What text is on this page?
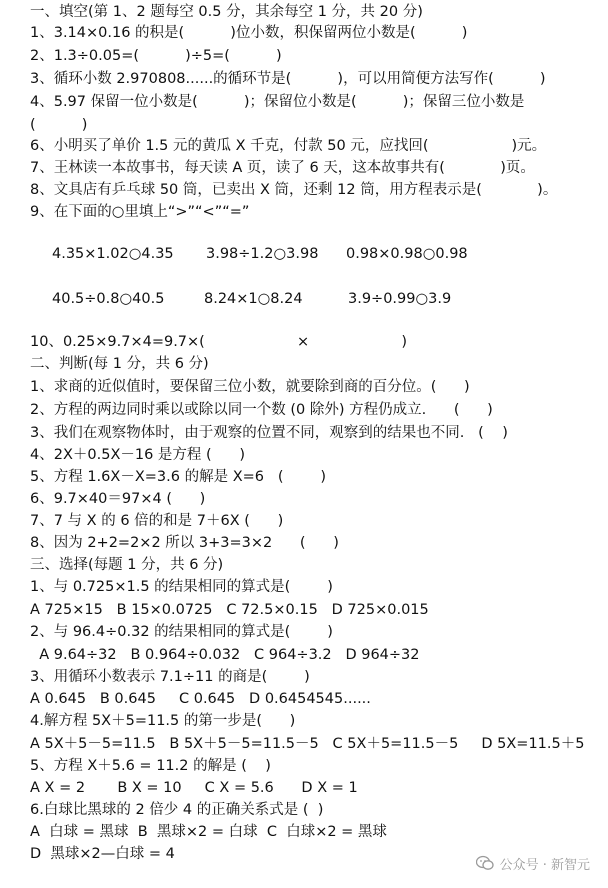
一、填空(第 1、2 题每空 0.5 分，其余每空 1 分，共 20 分)
1、3.14×0.16 的积是(          )位小数，积保留两位小数是(          )
2、1.3÷0.05=(          )÷5=(          )
3、循环小数 2.970808......的循环节是(          )，可以用简便方法写作(          )
4、5.97 保留一位小数是(          )；保留位小数是(          )；保留三位小数是
(          )
6、小明买了单价 1.5 元的黄瓜 X 千克，付款 50 元，应找回(                  )元。
7、王林读一本故事书，每天读 A 页，读了 6 天，这本故事共有(            )页。
8、文具店有乒乓球 50 筒，已卖出 X 筒，还剩 12 筒，用方程表示是(            )。
9、在下面的○里填上“>”“<”“=”
4.35×1.02○4.35 3.98÷1.2○3.98 0.98×0.98○0.98
40.5÷0.8○40.5	8.24×1○8.24	3.9÷0.99○3.9
10、0.25×9.7×4=9.7×(                    ×                    )
二、判断(每 1 分，共 6 分)
1、求商的近似值时，要保留三位小数，就要除到商的百分位。(      )
2、方程的两边同时乘以或除以同一个数 (0 除外) 方程仍成立.      (      )
3、我们在观察物体时，由于观察的位置不同，观察到的结果也不同.   (    )
4、2X＋0.5X－16 是方程 (      )
5、方程 1.6X－X=3.6 的解是 X=6   (        )
6、9.7×40＝97×4 (      )
7、7 与 X 的 6 倍的和是 7＋6X (      )
8、因为 2+2=2×2 所以 3+3=3×2      (      )
三、选择(每题 1 分，共 6 分)
1、与 0.725×1.5 的结果相同的算式是(        )
A 725×15   B 15×0.0725   C 72.5×0.15   D 725×0.015
2、与 96.4÷0.32 的结果相同的算式是(        )
A 9.64÷32   B 0.964÷0.032   C 964÷3.2   D 964÷32
3、用循环小数表示 7.1÷11 的商是(        )
A 0.645   B 0.645     C 0.645   D 0.6454545......
4.解方程 5X＋5=11.5 的第一步是(      )
A 5X＋5－5=11.5   B 5X＋5－5=11.5－5   C 5X＋5=11.5－5     D 5X=11.5＋5
5、方程 X＋5.6 = 11.2 的解是 (    )
A X = 2       B X = 10     C X = 5.6      D X = 1
6.白球比黑球的 2 倍少 4 的正确关系式是 (  )
A  白球 = 黑球  B  黑球×2 = 白球  C  白球×2 = 黑球
D  黑球×2—白球 = 4
公众号 · 新智元
